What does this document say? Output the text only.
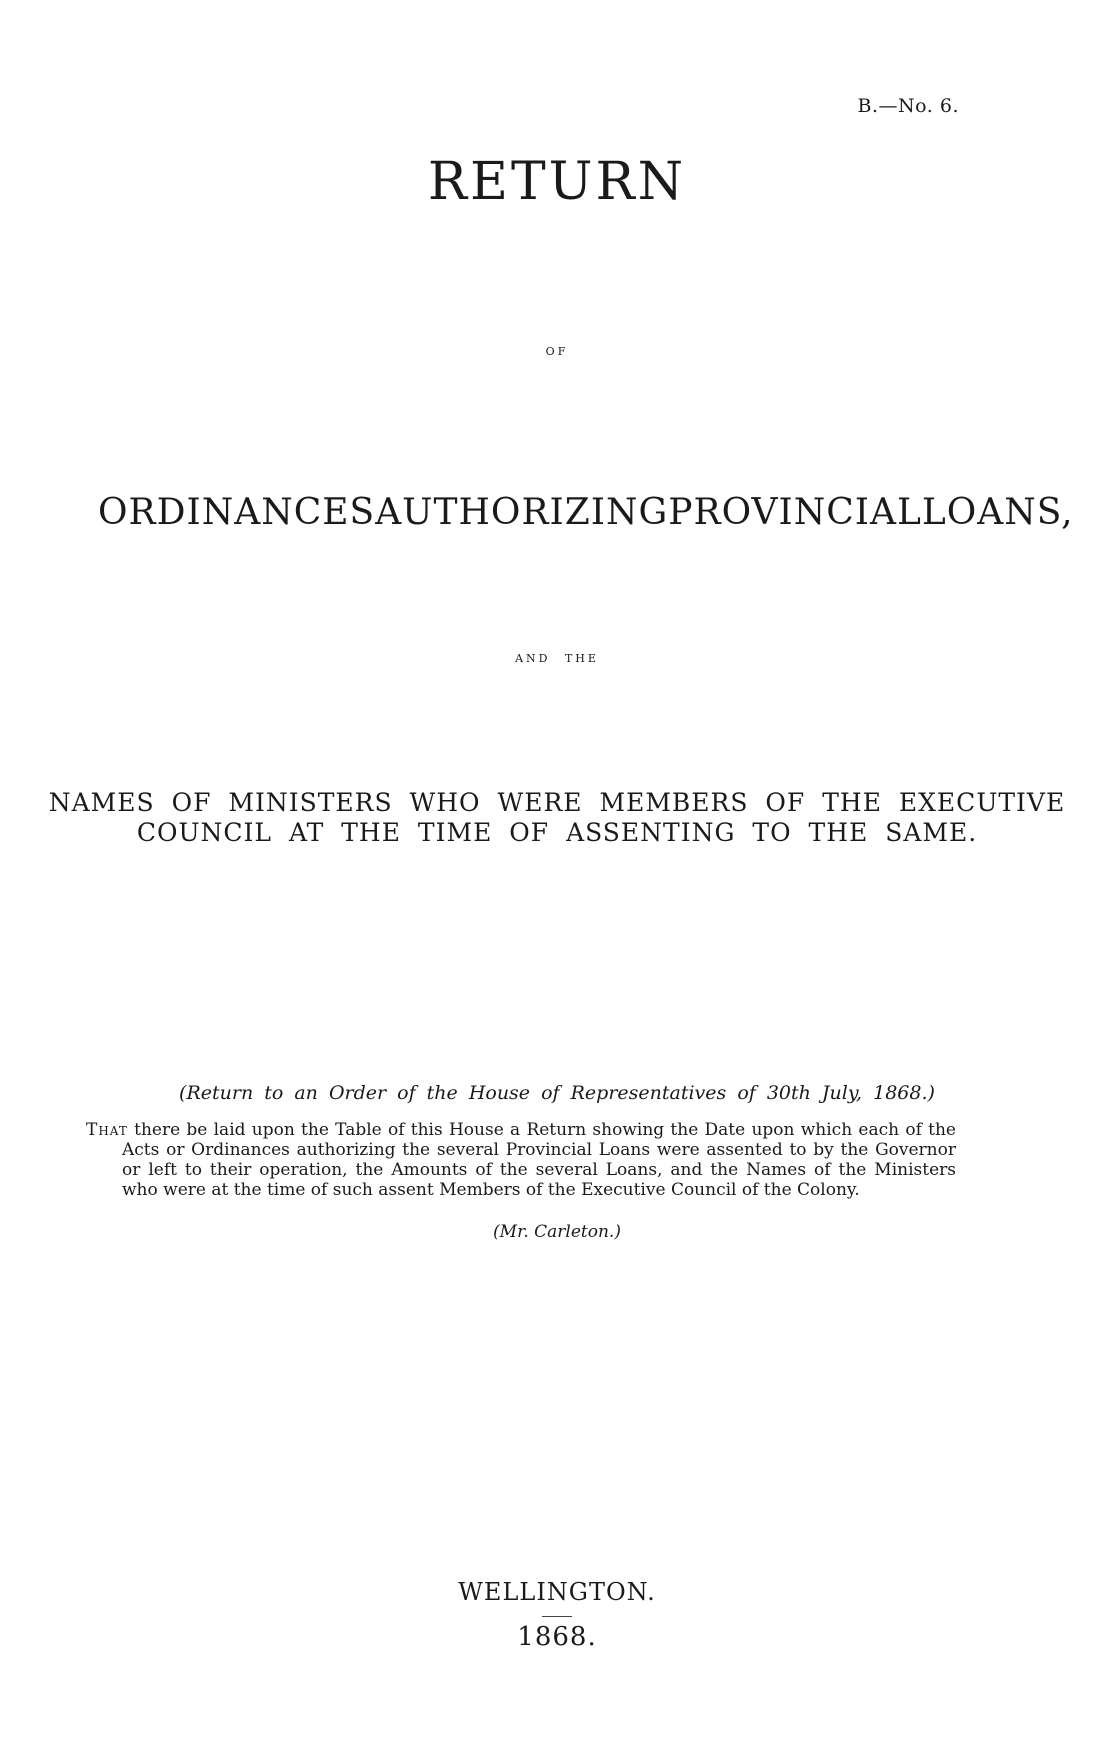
B.—No. 6.
RETURN
OF
ORDINANCES AUTHORIZING PROVINCIAL LOANS,
AND THE
NAMES OF MINISTERS WHO WERE MEMBERS OF THE EXECUTIVE
COUNCIL AT THE TIME OF ASSENTING TO THE SAME.
(Return to an Order of the House of Representatives of 30th July, 1868.)
That there be laid upon the Table of this House a Return showing the Date upon which each of the Acts or Ordinances authorizing the several Provincial Loans were assented to by the Governor or left to their operation, the Amounts of the several Loans, and the Names of the Ministers who were at the time of such assent Members of the Executive Council of the Colony.
(Mr. Carleton.)
WELLINGTON.
1868.
